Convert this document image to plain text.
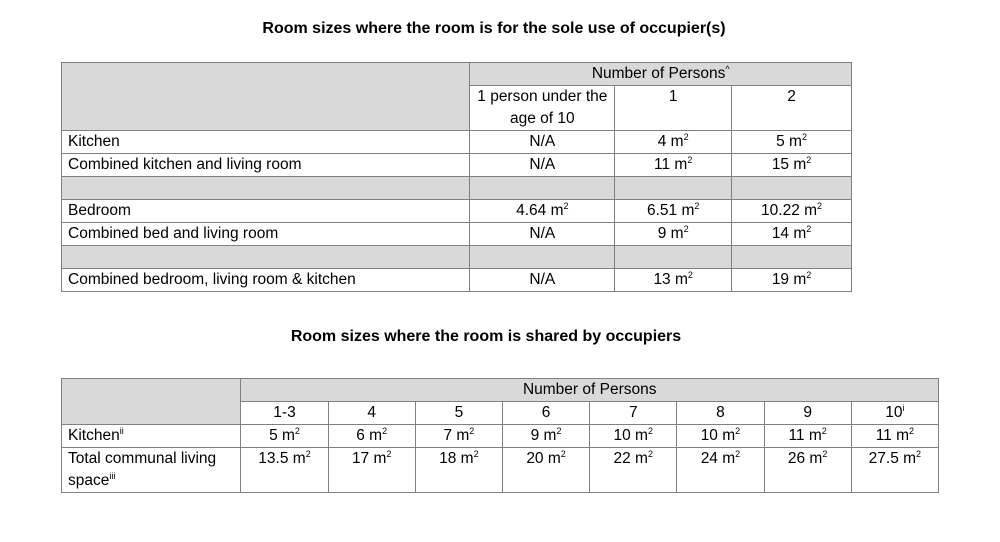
Room sizes where the room is for the sole use of occupier(s)
	Number of Persons^
	1 person under the age of 10	1	2
Kitchen	N/A	4 $m^2$	5 $m^2$
Combined kitchen and living room	N/A	11 $m^2$	15 $m^2$

Bedroom	4.64 $m^2$	6.51 $m^2$	10.22 $m^2$
Combined bed and living room	N/A	9 $m^2$	14 $m^2$

Combined bedroom, living room & kitchen	N/A	13 $m^2$	19 $m^2$
Room sizes where the room is shared by occupiers
	Number of Persons							
	1-3	4	5	6	7	8	9	10$^i$
Kitchen$^{ii}$	5 $m^2$	6 $m^2$	7 $m^2$	9 $m^2$	10 $m^2$	10 $m^2$	11 $m^2$	11 $m^2$
Total communal living space$^{iii}$	13.5 $m^2$	17 $m^2$	18 $m^2$	20 $m^2$	22 $m^2$	24 $m^2$	26 $m^2$	27.5 $m^2$
